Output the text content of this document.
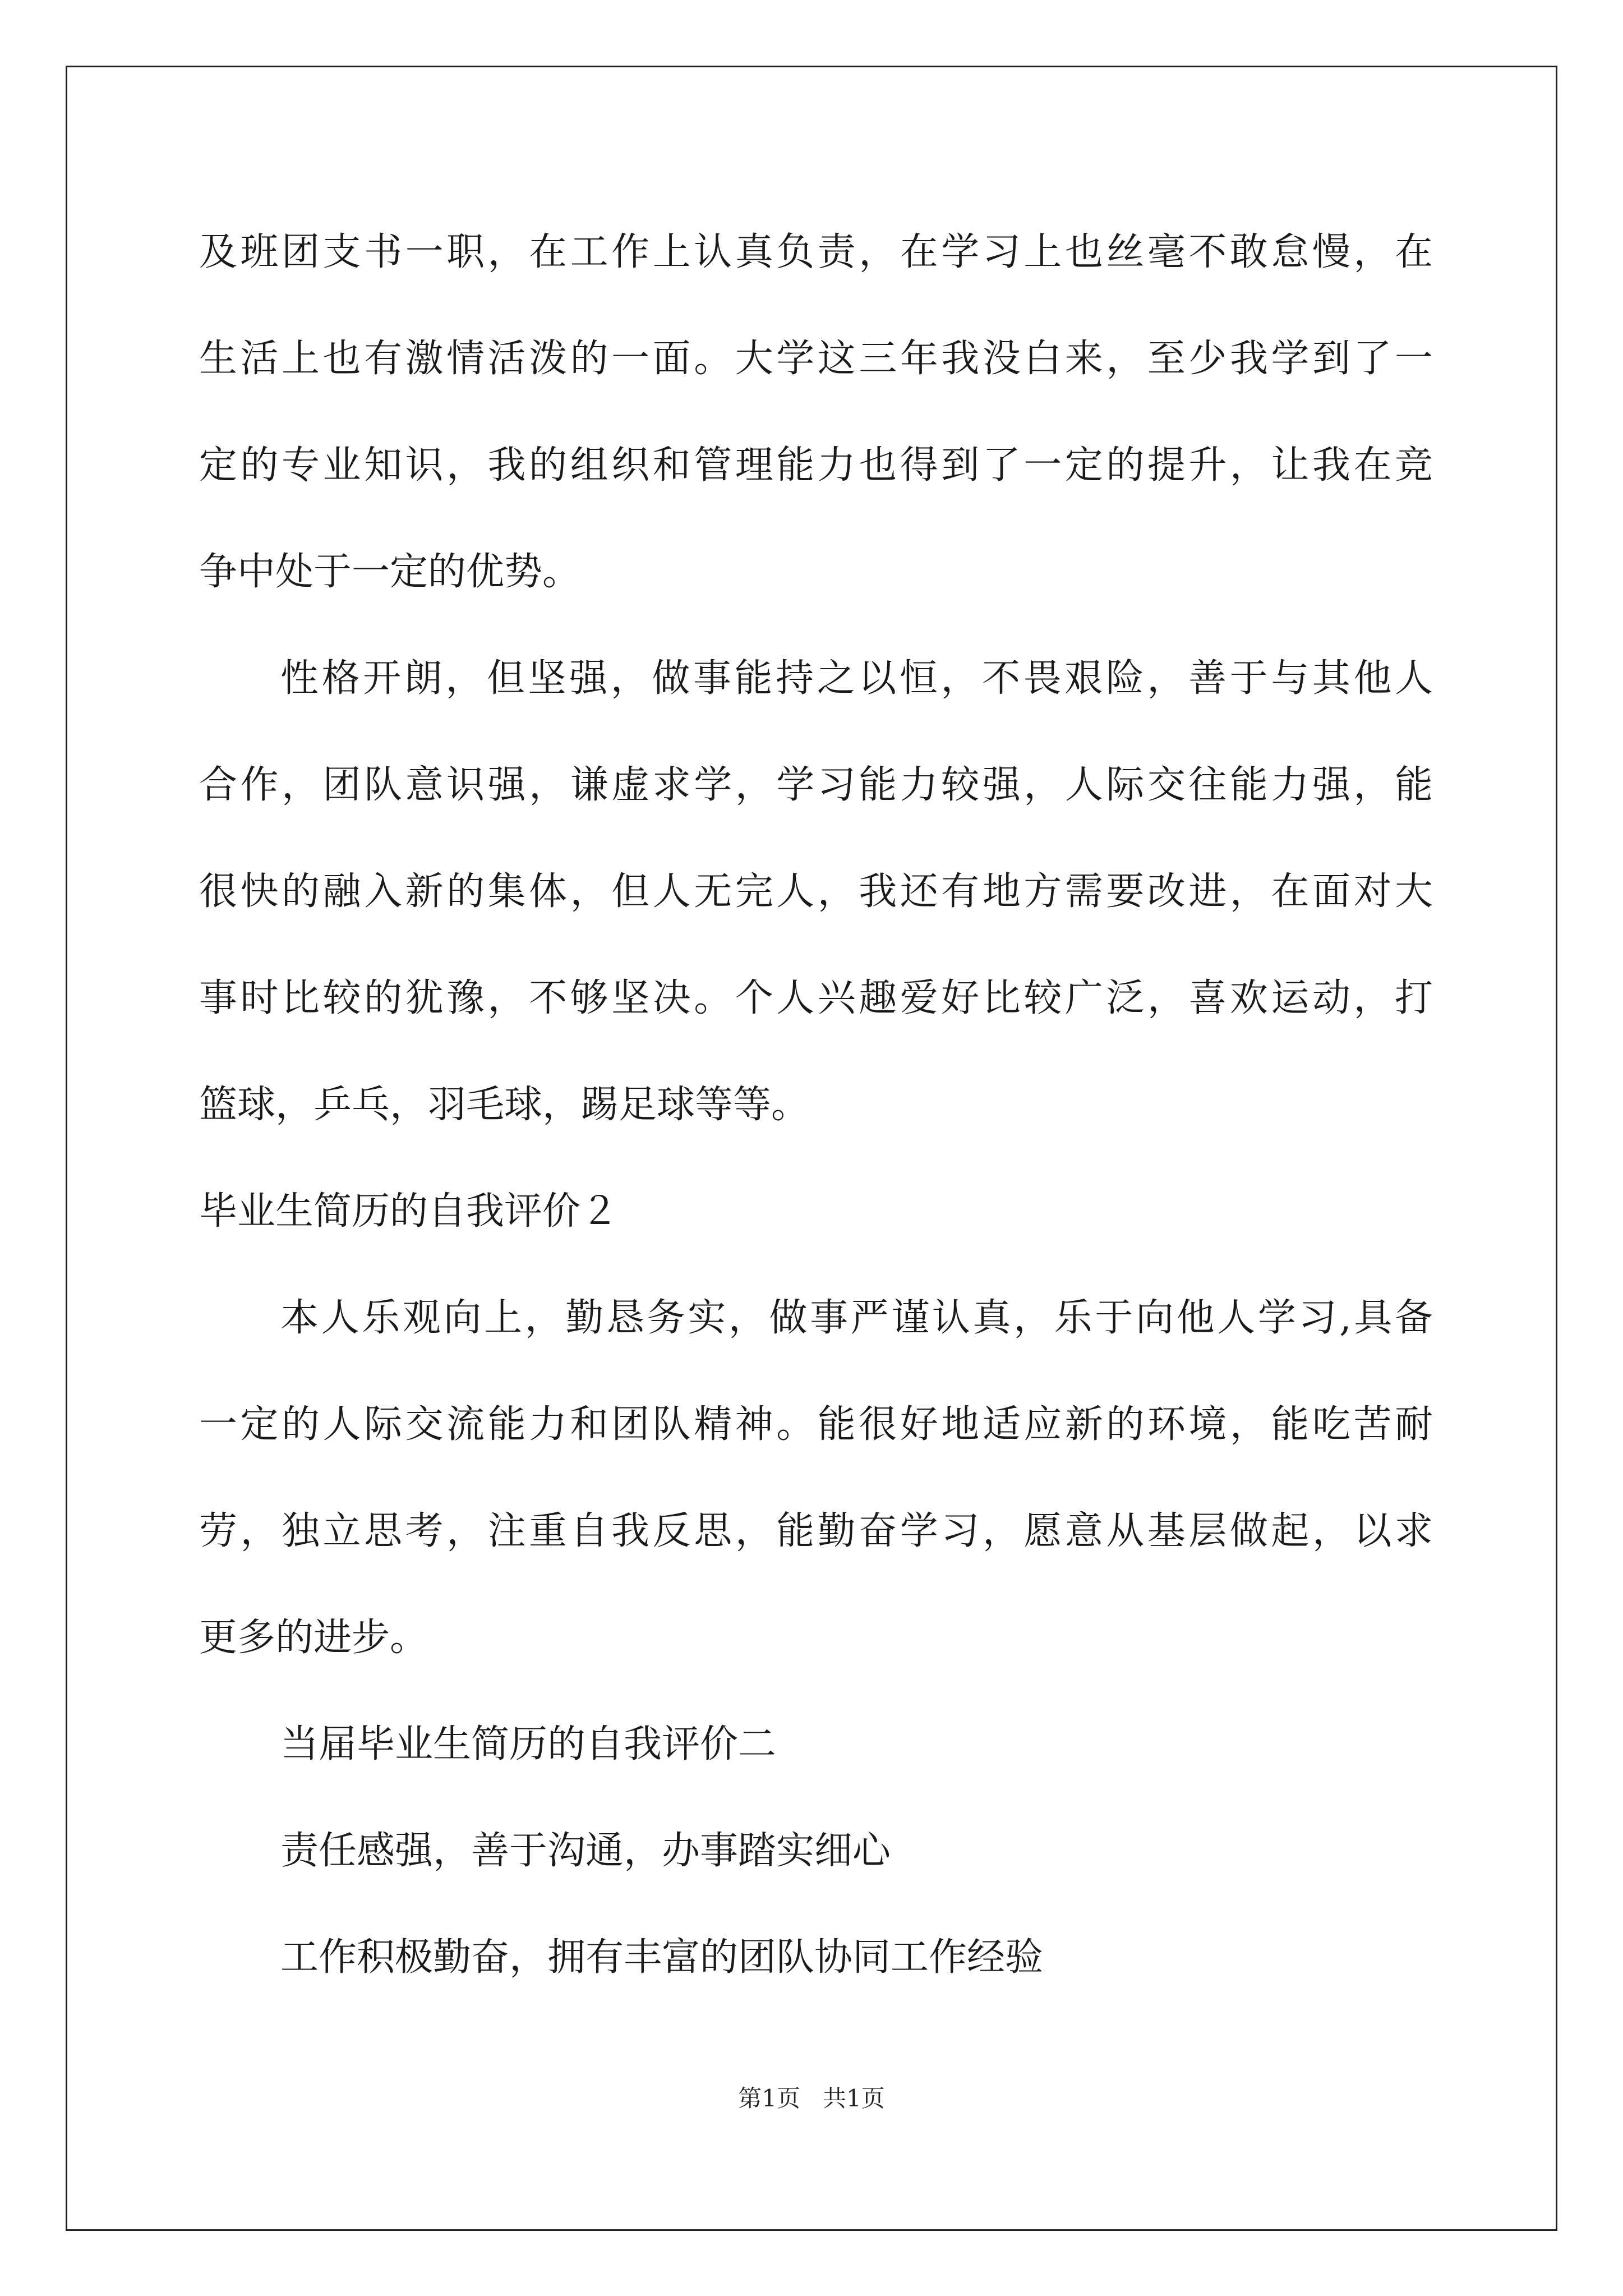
及班团支书一职，在工作上认真负责，在学习上也丝毫不敢怠慢，在
生活上也有激情活泼的一面。大学这三年我没白来，至少我学到了一
定的专业知识，我的组织和管理能力也得到了一定的提升，让我在竞
争中处于一定的优势。
性格开朗，但坚强，做事能持之以恒，不畏艰险，善于与其他人
合作，团队意识强，谦虚求学，学习能力较强，人际交往能力强，能
很快的融入新的集体，但人无完人，我还有地方需要改进，在面对大
事时比较的犹豫，不够坚决。个人兴趣爱好比较广泛，喜欢运动，打
篮球，乒乓，羽毛球，踢足球等等。
毕业生简历的自我评价２
本人乐观向上，勤恳务实，做事严谨认真，乐于向他人学习,具备
一定的人际交流能力和团队精神。能很好地适应新的环境，能吃苦耐
劳，独立思考，注重自我反思，能勤奋学习，愿意从基层做起，以求
更多的进步。
当届毕业生简历的自我评价二
责任感强，善于沟通，办事踏实细心
工作积极勤奋，拥有丰富的团队协同工作经验
第1页 共1页
